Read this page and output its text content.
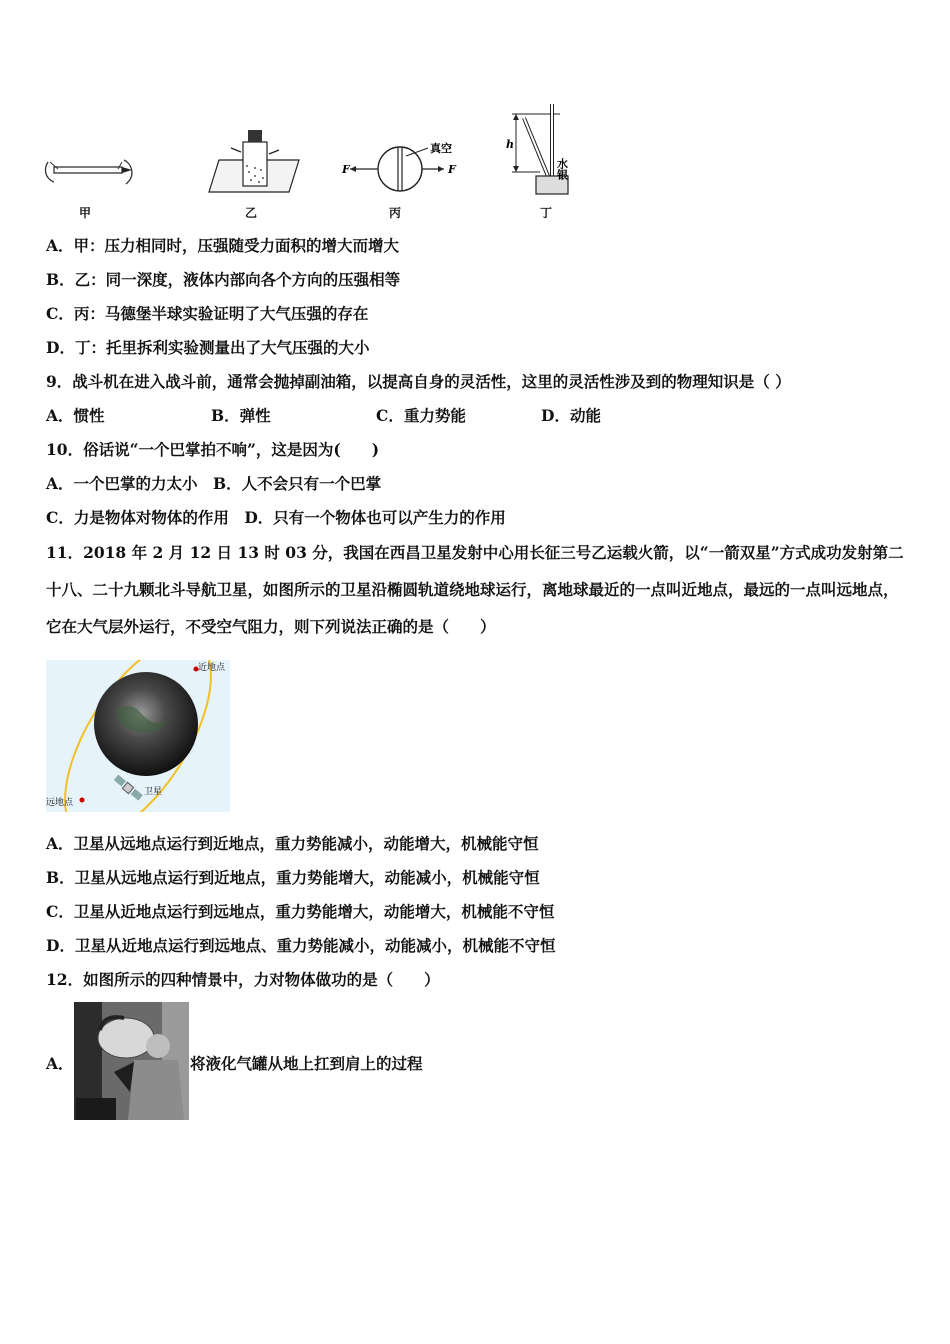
甲	乙
F	F
真空
丙
h
水银
丁
A．甲：压力相同时，压强随受力面积的增大而增大
B．乙：同一深度，液体内部向各个方向的压强相等
C．丙：马德堡半球实验证明了大气压强的存在
D．丁：托里拆利实验测量出了大气压强的大小
9．战斗机在进入战斗前，通常会抛掉副油箱，以提高自身的灵活性，这里的灵活性涉及到的物理知识是（ ）
A．惯性	B．弹性	C．重力势能	D．动能
10．俗话说“一个巴掌拍不响”，这是因为(　　)
A．一个巴掌的力太小　B．人不会只有一个巴掌
C．力是物体对物体的作用　D．只有一个物体也可以产生力的作用
11．2018 年 2 月 12 日 13 时 03 分，我国在西昌卫星发射中心用长征三号乙运载火箭，以“一箭双星”方式成功发射第二十八、二十九颗北斗导航卫星，如图所示的卫星沿椭圆轨道绕地球运行，离地球最近的一点叫近地点，最远的一点叫远地点，它在大气层外运行，不受空气阻力，则下列说法正确的是（　　）
近地点
远地点
卫星
A．卫星从远地点运行到近地点，重力势能减小，动能增大，机械能守恒
B．卫星从远地点运行到近地点，重力势能增大，动能减小，机械能守恒
C．卫星从近地点运行到远地点，重力势能增大，动能增大，机械能不守恒
D．卫星从近地点运行到远地点、重力势能减小，动能减小，机械能不守恒
12．如图所示的四种情景中，力对物体做功的是（　　）
A．	将液化气罐从地上扛到肩上的过程
